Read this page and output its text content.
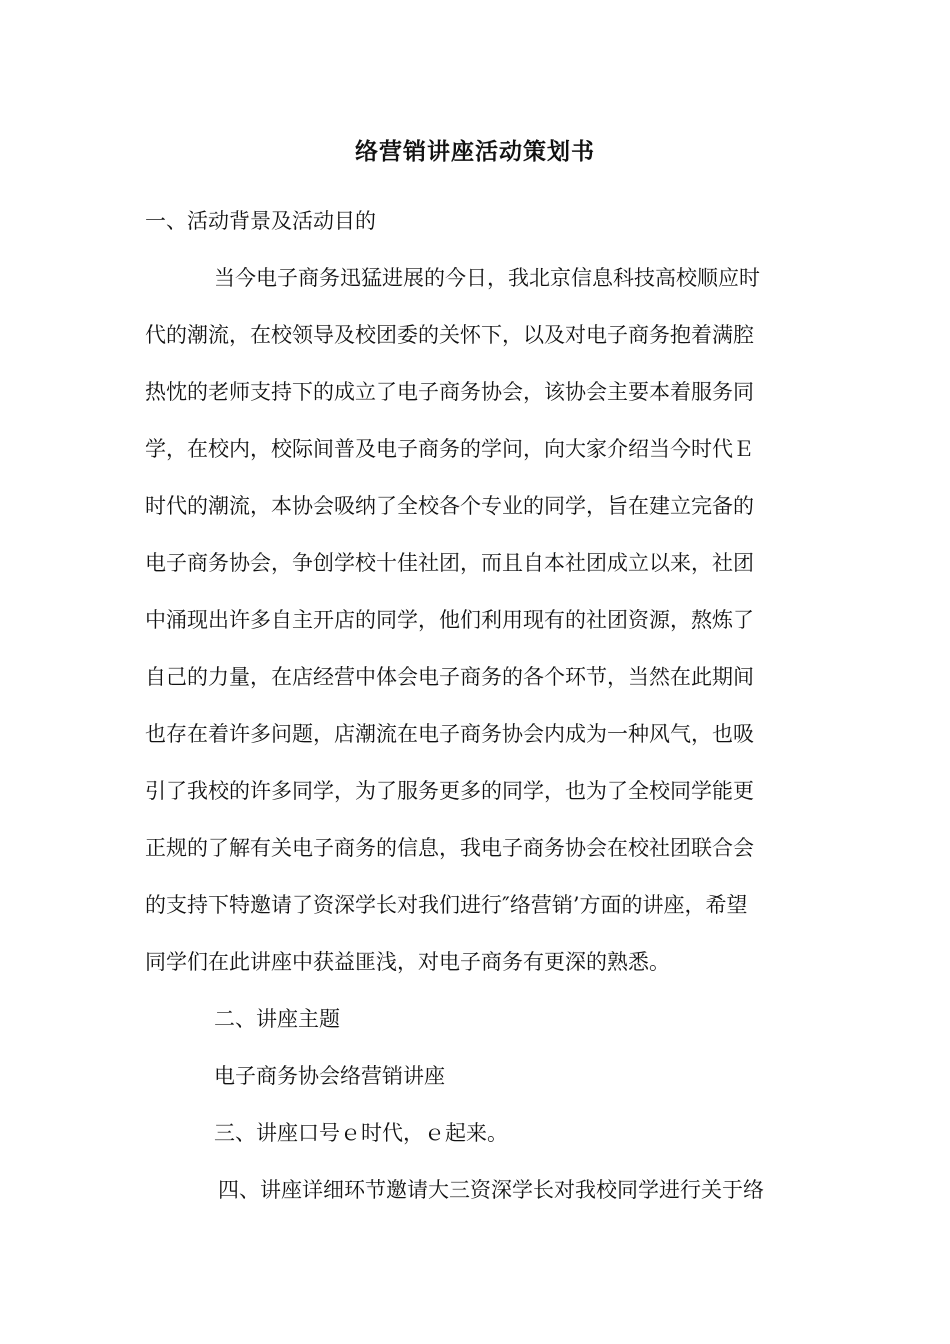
络营销讲座活动策划书
一、活动背景及活动目的
当今电子商务迅猛进展的今日，我北京信息科技高校顺应时
代的潮流，在校领导及校团委的关怀下，以及对电子商务抱着满腔
热忱的老师支持下的成立了电子商务协会，该协会主要本着服务同
学，在校内，校际间普及电子商务的学问，向大家介绍当今时代Ｅ
时代的潮流，本协会吸纳了全校各个专业的同学，旨在建立完备的
电子商务协会，争创学校十佳社团，而且自本社团成立以来，社团
中涌现出许多自主开店的同学，他们利用现有的社团资源，熬炼了
自己的力量，在店经营中体会电子商务的各个环节，当然在此期间
也存在着许多问题，店潮流在电子商务协会内成为一种风气，也吸
引了我校的许多同学，为了服务更多的同学，也为了全校同学能更
正规的了解有关电子商务的信息，我电子商务协会在校社团联合会
的支持下特邀请了资深学长对我们进行″络营销’方面的讲座，希望
同学们在此讲座中获益匪浅，对电子商务有更深的熟悉。
二、讲座主题
电子商务协会络营销讲座
三、讲座口号ｅ时代，ｅ起来。
四、讲座详细环节邀请大三资深学长对我校同学进行关于络
